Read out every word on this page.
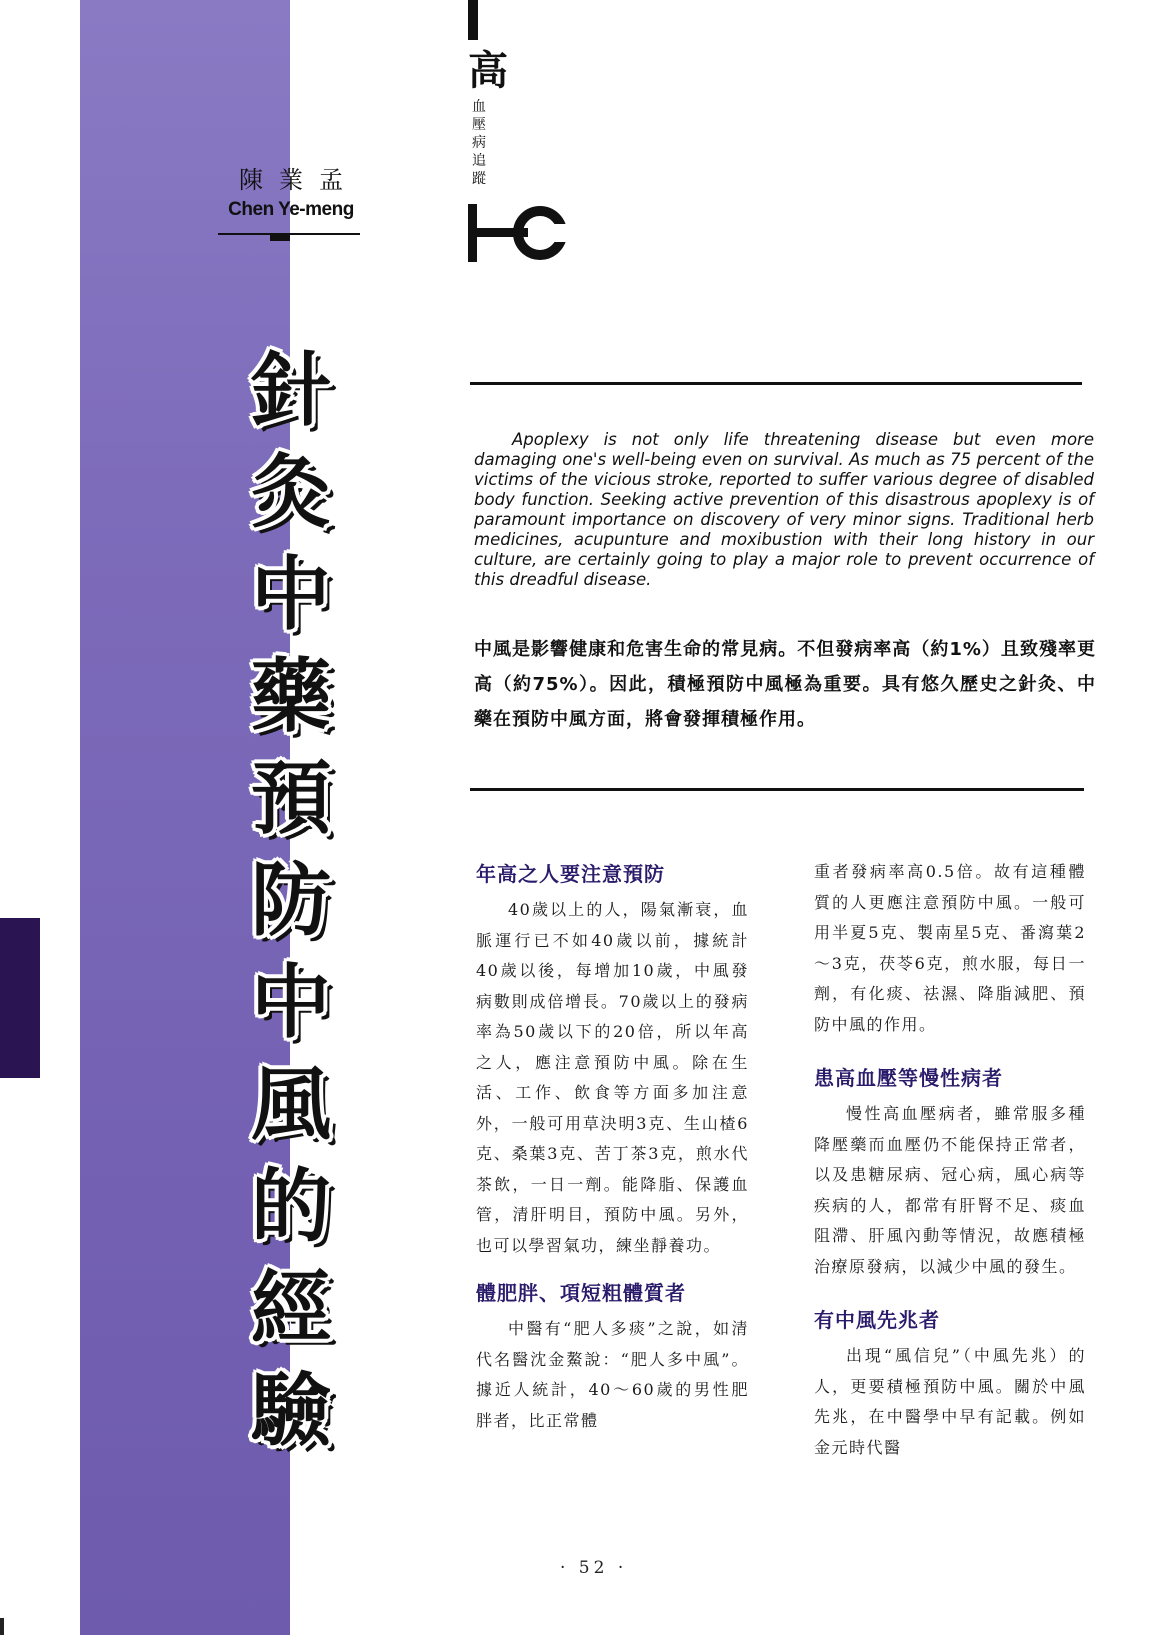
陳業孟
Chen Ye-meng
針灸中藥預防中風的經驗
高
血壓病追蹤
Apoplexy is not only life threatening disease but even more damaging one's well-being even on survival. As much as 75 percent of the victims of the vicious stroke, reported to suffer various degree of disabled body function. Seeking active prevention of this disastrous apoplexy is of paramount importance on discovery of very minor signs. Traditional herb medicines, acupunture and moxibustion with their long history in our culture, are certainly going to play a major role to prevent occurrence of this dreadful disease.
中風是影響健康和危害生命的常見病。不但發病率高（約1%）且致殘率更高（約75%）。因此，積極預防中風極為重要。具有悠久歷史之針灸、中藥在預防中風方面，將會發揮積極作用。
年高之人要注意預防

40歲以上的人，陽氣漸衰，血脈運行已不如40歲以前，據統計40歲以後，每增加10歲，中風發病數則成倍增長。70歲以上的發病率為50歲以下的20倍，所以年高之人，應注意預防中風。除在生活、工作、飲食等方面多加注意外，一般可用草決明3克、生山楂6克、桑葉3克、苦丁茶3克，煎水代茶飲，一日一劑。能降脂、保護血管，清肝明目，預防中風。另外，也可以學習氣功，練坐靜養功。

體肥胖、項短粗體質者

中醫有“肥人多痰”之說，如清代名醫沈金鰲說：“肥人多中風”。據近人統計，40～60歲的男性肥胖者，比正常體

重者發病率高0.5倍。故有這種體質的人更應注意預防中風。一般可用半夏5克、製南星5克、番瀉葉2～3克，茯苓6克，煎水服，每日一劑，有化痰、祛濕、降脂減肥、預防中風的作用。

患高血壓等慢性病者

慢性高血壓病者，雖常服多種降壓藥而血壓仍不能保持正常者，以及患糖尿病、冠心病，風心病等疾病的人，都常有肝腎不足、痰血阻滯、肝風內動等情況，故應積極治療原發病，以減少中風的發生。

有中風先兆者

出現“風信兒”（中風先兆）的人，更要積極預防中風。關於中風先兆，在中醫學中早有記載。例如金元時代醫

· 52 ·
